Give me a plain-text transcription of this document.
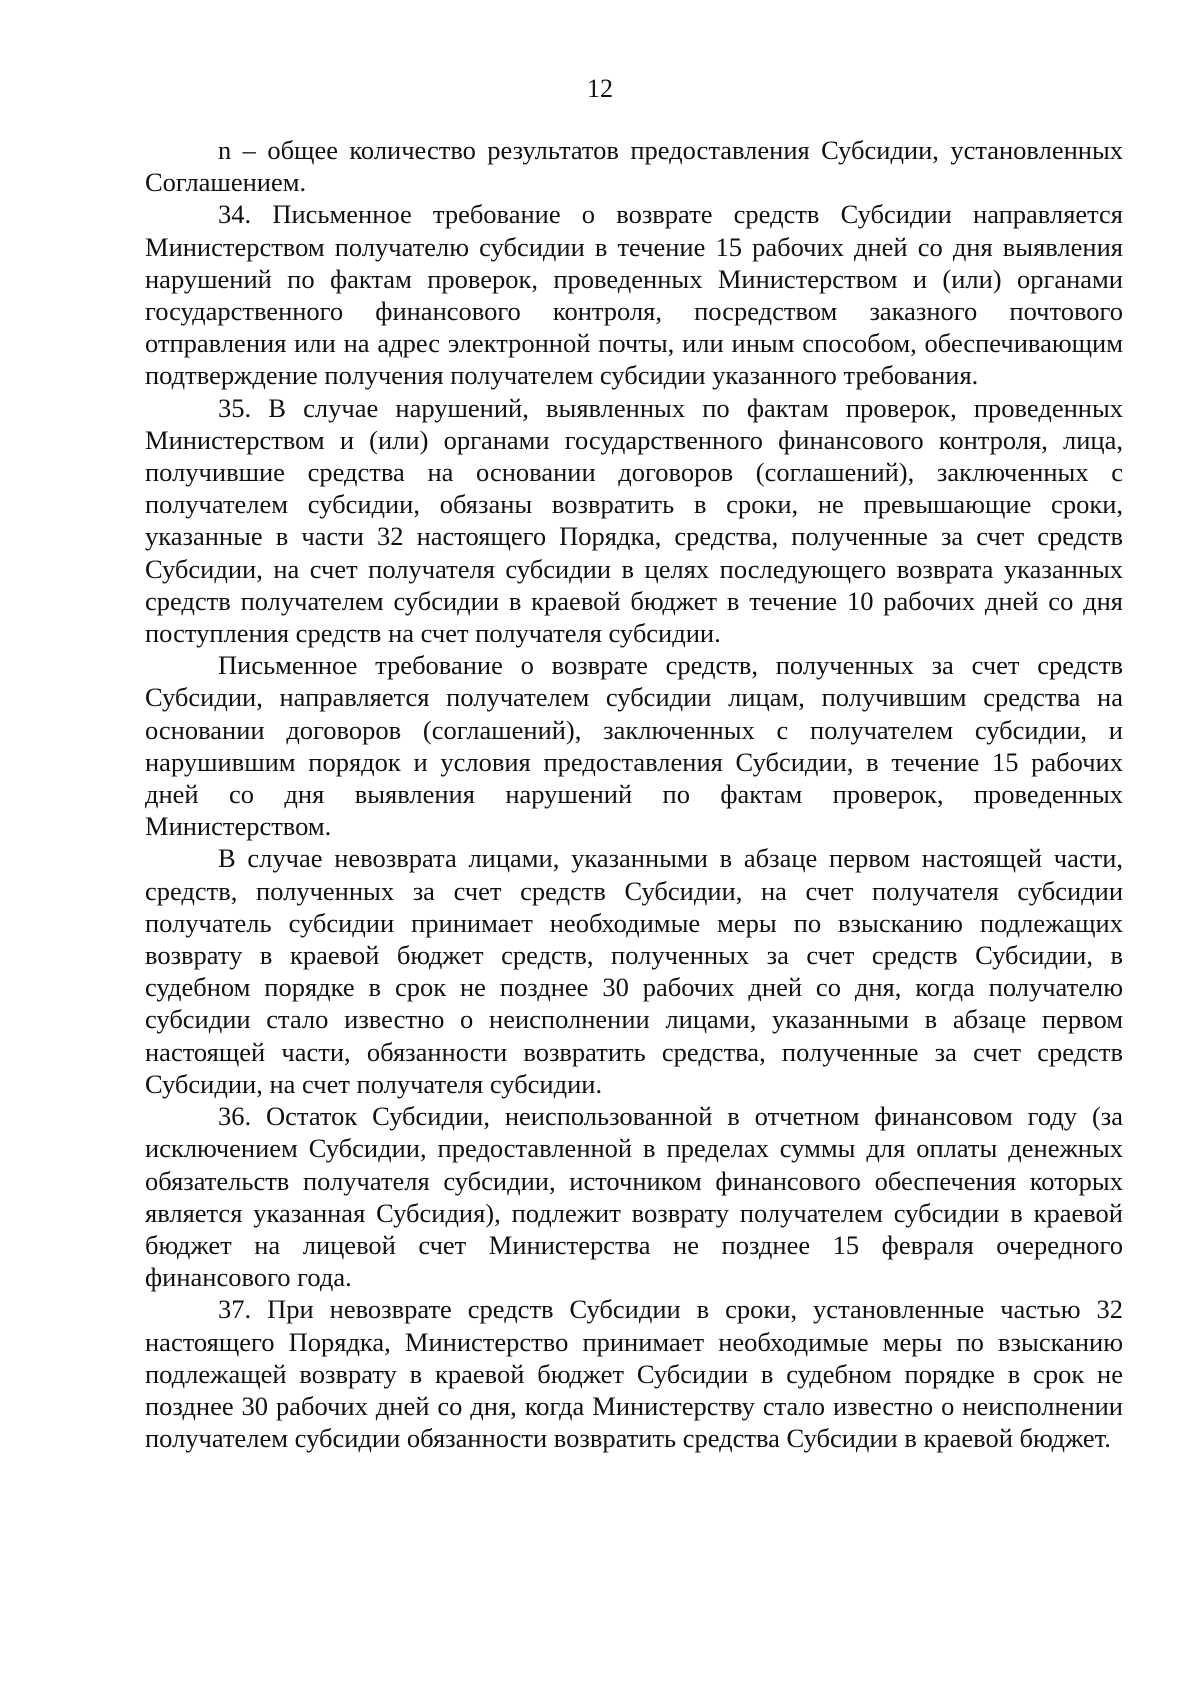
12

n – общее количество результатов предоставления Субсидии, установленных Соглашением.

34. Письменное требование о возврате средств Субсидии направляется Министерством получателю субсидии в течение 15 рабочих дней со дня выявления нарушений по фактам проверок, проведенных Министерством и (или) органами государственного финансового контроля, посредством заказного почтового отправления или на адрес электронной почты, или иным способом, обеспечивающим подтверждение получения получателем субсидии указанного требования.

35. В случае нарушений, выявленных по фактам проверок, проведенных Министерством и (или) органами государственного финансового контроля, лица, получившие средства на основании договоров (соглашений), заключенных с получателем субсидии, обязаны возвратить в сроки, не превышающие сроки, указанные в части 32 настоящего Порядка, средства, полученные за счет средств Субсидии, на счет получателя субсидии в целях последующего возврата указанных средств получателем субсидии в краевой бюджет в течение 10 рабочих дней со дня поступления средств на счет получателя субсидии.

Письменное требование о возврате средств, полученных за счет средств Субсидии, направляется получателем субсидии лицам, получившим средства на основании договоров (соглашений), заключенных с получателем субсидии, и нарушившим порядок и условия предоставления Субсидии, в течение 15 рабочих дней со дня выявления нарушений по фактам проверок, проведенных Министерством.

В случае невозврата лицами, указанными в абзаце первом настоящей части, средств, полученных за счет средств Субсидии, на счет получателя субсидии получатель субсидии принимает необходимые меры по взысканию подлежащих возврату в краевой бюджет средств, полученных за счет средств Субсидии, в судебном порядке в срок не позднее 30 рабочих дней со дня, когда получателю субсидии стало известно о неисполнении лицами, указанными в абзаце первом настоящей части, обязанности возвратить средства, полученные за счет средств Субсидии, на счет получателя субсидии.

36. Остаток Субсидии, неиспользованной в отчетном финансовом году (за исключением Субсидии, предоставленной в пределах суммы для оплаты денежных обязательств получателя субсидии, источником финансового обеспечения которых является указанная Субсидия), подлежит возврату получателем субсидии в краевой бюджет на лицевой счет Министерства не позднее 15 февраля очередного финансового года.

37. При невозврате средств Субсидии в сроки, установленные частью 32 настоящего Порядка, Министерство принимает необходимые меры по взысканию подлежащей возврату в краевой бюджет Субсидии в судебном порядке в срок не позднее 30 рабочих дней со дня, когда Министерству стало известно о неисполнении получателем субсидии обязанности возвратить средства Субсидии в краевой бюджет.
